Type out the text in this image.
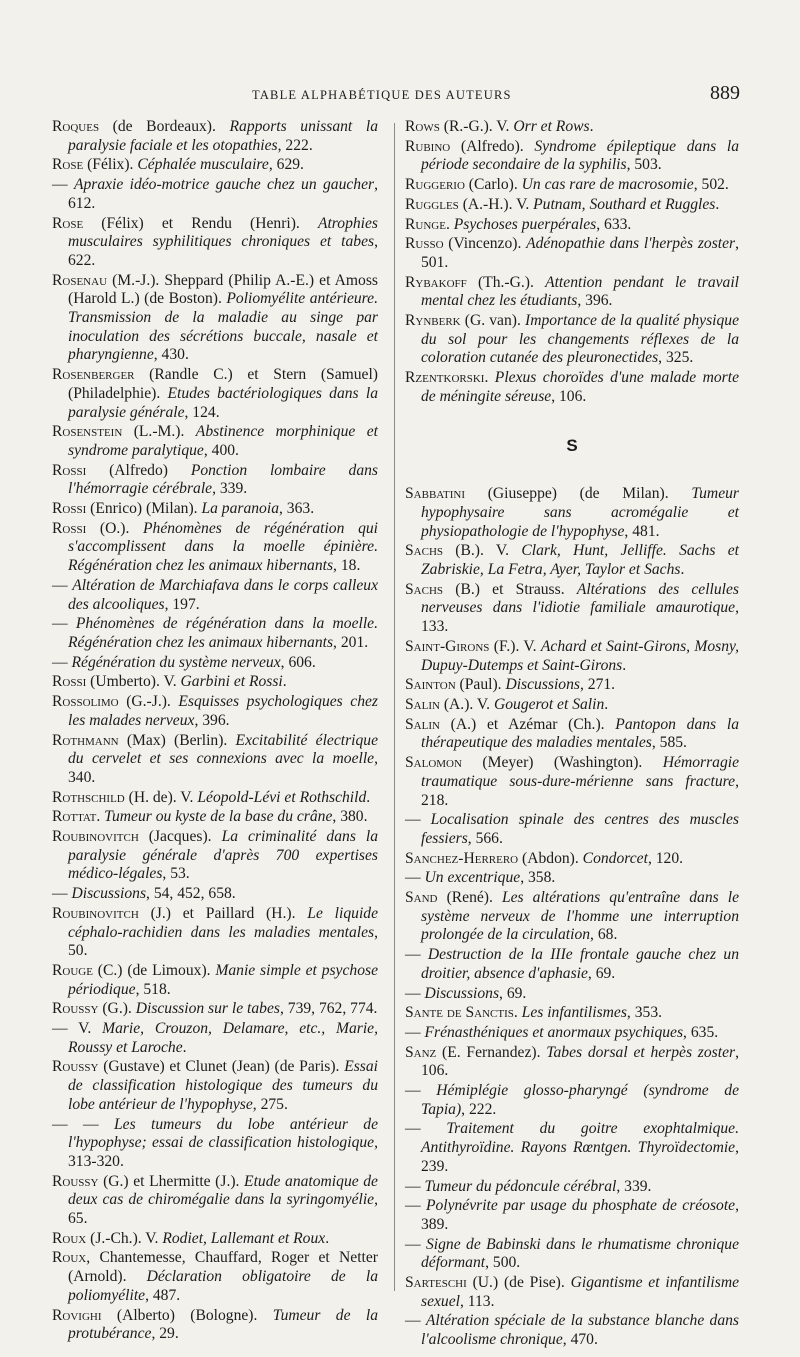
TABLE ALPHABÉTIQUE DES AUTEURS	889
Roques (de Bordeaux). Rapports unissant la paralysie faciale et les otopathies, 222.
Rose (Félix). Céphalée musculaire, 629.
— Apraxie idéo-motrice gauche chez un gaucher, 612.
Rose (Félix) et Rendu (Henri). Atrophies musculaires syphilitiques chroniques et tabes, 622.
Rosenau (M.-J.). Sheppard (Philip A.-E.) et Amoss (Harold L.) (de Boston). Poliomyélite antérieure. Transmission de la maladie au singe par inoculation des sécrétions buccale, nasale et pharyngienne, 430.
Rosenberger (Randle C.) et Stern (Samuel) (Philadelphie). Etudes bactériologiques dans la paralysie générale, 124.
Rosenstein (L.-M.). Abstinence morphinique et syndrome paralytique, 400.
Rossi (Alfredo) Ponction lombaire dans l'hémorragie cérébrale, 339.
Rossi (Enrico) (Milan). La paranoia, 363.
Rossi (O.). Phénomènes de régénération qui s'accomplissent dans la moelle épinière. Régénération chez les animaux hibernants, 18.
— Altération de Marchiafava dans le corps calleux des alcooliques, 197.
— Phénomènes de régénération dans la moelle. Régénération chez les animaux hibernants, 201.
— Régénération du système nerveux, 606.
Rossi (Umberto). V. Garbini et Rossi.
Rossolimo (G.-J.). Esquisses psychologiques chez les malades nerveux, 396.
Rothmann (Max) (Berlin). Excitabilité électrique du cervelet et ses connexions avec la moelle, 340.
Rothschild (H. de). V. Léopold-Lévi et Rothschild.
Rottat. Tumeur ou kyste de la base du crâne, 380.
Roubinovitch (Jacques). La criminalité dans la paralysie générale d'après 700 expertises médico-légales, 53.
— Discussions, 54, 452, 658.
Roubinovitch (J.) et Paillard (H.). Le liquide céphalo-rachidien dans les maladies mentales, 50.
Rouge (C.) (de Limoux). Manie simple et psychose périodique, 518.
Roussy (G.). Discussion sur le tabes, 739, 762, 774.
— V. Marie, Crouzon, Delamare, etc., Marie, Roussy et Laroche.
Roussy (Gustave) et Clunet (Jean) (de Paris). Essai de classification histologique des tumeurs du lobe antérieur de l'hypophyse, 275.
— — Les tumeurs du lobe antérieur de l'hypophyse; essai de classification histologique, 313-320.
Roussy (G.) et Lhermitte (J.). Etude anatomique de deux cas de chiromégalie dans la syringomyélie, 65.
Roux (J.-Ch.). V. Rodiet, Lallemant et Roux.
Roux, Chantemesse, Chauffard, Roger et Netter (Arnold). Déclaration obligatoire de la poliomyélite, 487.
Rovighi (Alberto) (Bologne). Tumeur de la protubérance, 29.
Rows (R.-G.). V. Orr et Rows.
Rubino (Alfredo). Syndrome épileptique dans la période secondaire de la syphilis, 503.
Ruggerio (Carlo). Un cas rare de macrosomie, 502.
Ruggles (A.-H.). V. Putnam, Southard et Ruggles.
Runge. Psychoses puerpérales, 633.
Russo (Vincenzo). Adénopathie dans l'herpès zoster, 501.
Rybakoff (Th.-G.). Attention pendant le travail mental chez les étudiants, 396.
Rynberk (G. van). Importance de la qualité physique du sol pour les changements réflexes de la coloration cutanée des pleuronectides, 325.
Rzentkorski. Plexus choroïdes d'une malade morte de méningite séreuse, 106.
S
Sabbatini (Giuseppe) (de Milan). Tumeur hypophysaire sans acromégalie et physiopathologie de l'hypophyse, 481.
Sachs (B.). V. Clark, Hunt, Jelliffe. Sachs et Zabriskie, La Fetra, Ayer, Taylor et Sachs.
Sachs (B.) et Strauss. Altérations des cellules nerveuses dans l'idiotie familiale amaurotique, 133.
Saint-Girons (F.). V. Achard et Saint-Girons, Mosny, Dupuy-Dutemps et Saint-Girons.
Sainton (Paul). Discussions, 271.
Salin (A.). V. Gougerot et Salin.
Salin (A.) et Azémar (Ch.). Pantopon dans la thérapeutique des maladies mentales, 585.
Salomon (Meyer) (Washington). Hémorragie traumatique sous-dure-mérienne sans fracture, 218.
— Localisation spinale des centres des muscles fessiers, 566.
Sanchez-Herrero (Abdon). Condorcet, 120.
— Un excentrique, 358.
Sand (René). Les altérations qu'entraîne dans le système nerveux de l'homme une interruption prolongée de la circulation, 68.
— Destruction de la IIIe frontale gauche chez un droitier, absence d'aphasie, 69.
— Discussions, 69.
Sante de Sanctis. Les infantilismes, 353.
— Frénasthéniques et anormaux psychiques, 635.
Sanz (E. Fernandez). Tabes dorsal et herpès zoster, 106.
— Hémiplégie glosso-pharyngé (syndrome de Tapia), 222.
— Traitement du goitre exophtalmique. Antithyroïdine. Rayons Rœntgen. Thyroïdectomie, 239.
— Tumeur du pédoncule cérébral, 339.
— Polynévrite par usage du phosphate de créosote, 389.
— Signe de Babinski dans le rhumatisme chronique déformant, 500.
Sarteschi (U.) (de Pise). Gigantisme et infantilisme sexuel, 113.
— Altération spéciale de la substance blanche dans l'alcoolisme chronique, 470.
